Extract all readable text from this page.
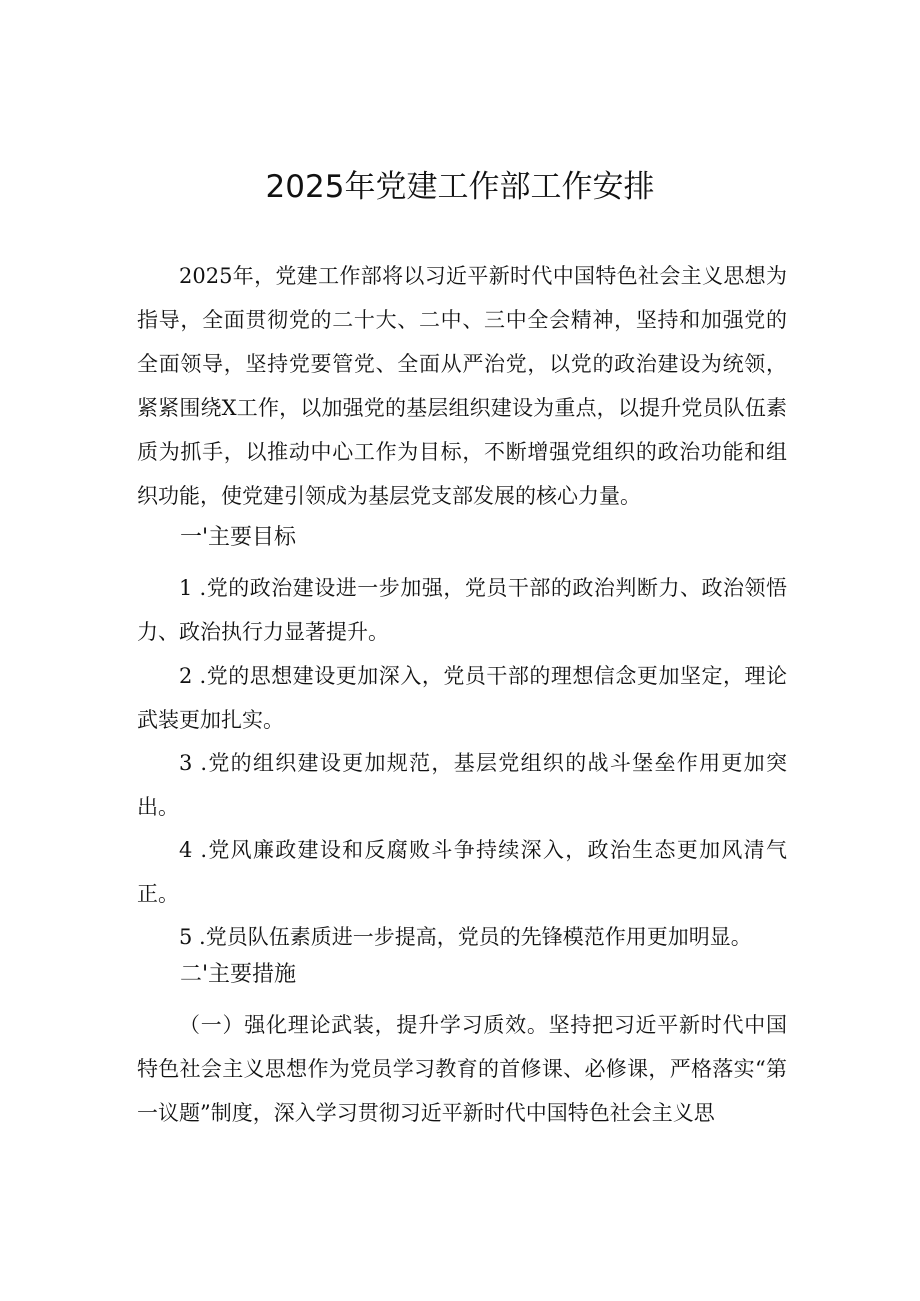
2025年党建工作部工作安排
2025年，党建工作部将以习近平新时代中国特色社会主义思想为指导，全面贯彻党的二十大、二中、三中全会精神，坚持和加强党的全面领导，坚持党要管党、全面从严治党，以党的政治建设为统领，紧紧围绕X工作，以加强党的基层组织建设为重点，以提升党员队伍素质为抓手，以推动中心工作为目标，不断增强党组织的政治功能和组织功能，使党建引领成为基层党支部发展的核心力量。
一'主要目标
1 .党的政治建设进一步加强，党员干部的政治判断力、政治领悟力、政治执行力显著提升。
2 .党的思想建设更加深入，党员干部的理想信念更加坚定，理论武装更加扎实。
3 .党的组织建设更加规范，基层党组织的战斗堡垒作用更加突出。
4 .党风廉政建设和反腐败斗争持续深入，政治生态更加风清气正。
5 .党员队伍素质进一步提高，党员的先锋模范作用更加明显。
二'主要措施
（一）强化理论武装，提升学习质效。坚持把习近平新时代中国特色社会主义思想作为党员学习教育的首修课、必修课，严格落实“第一议题”制度，深入学习贯彻习近平新时代中国特色社会主义思
